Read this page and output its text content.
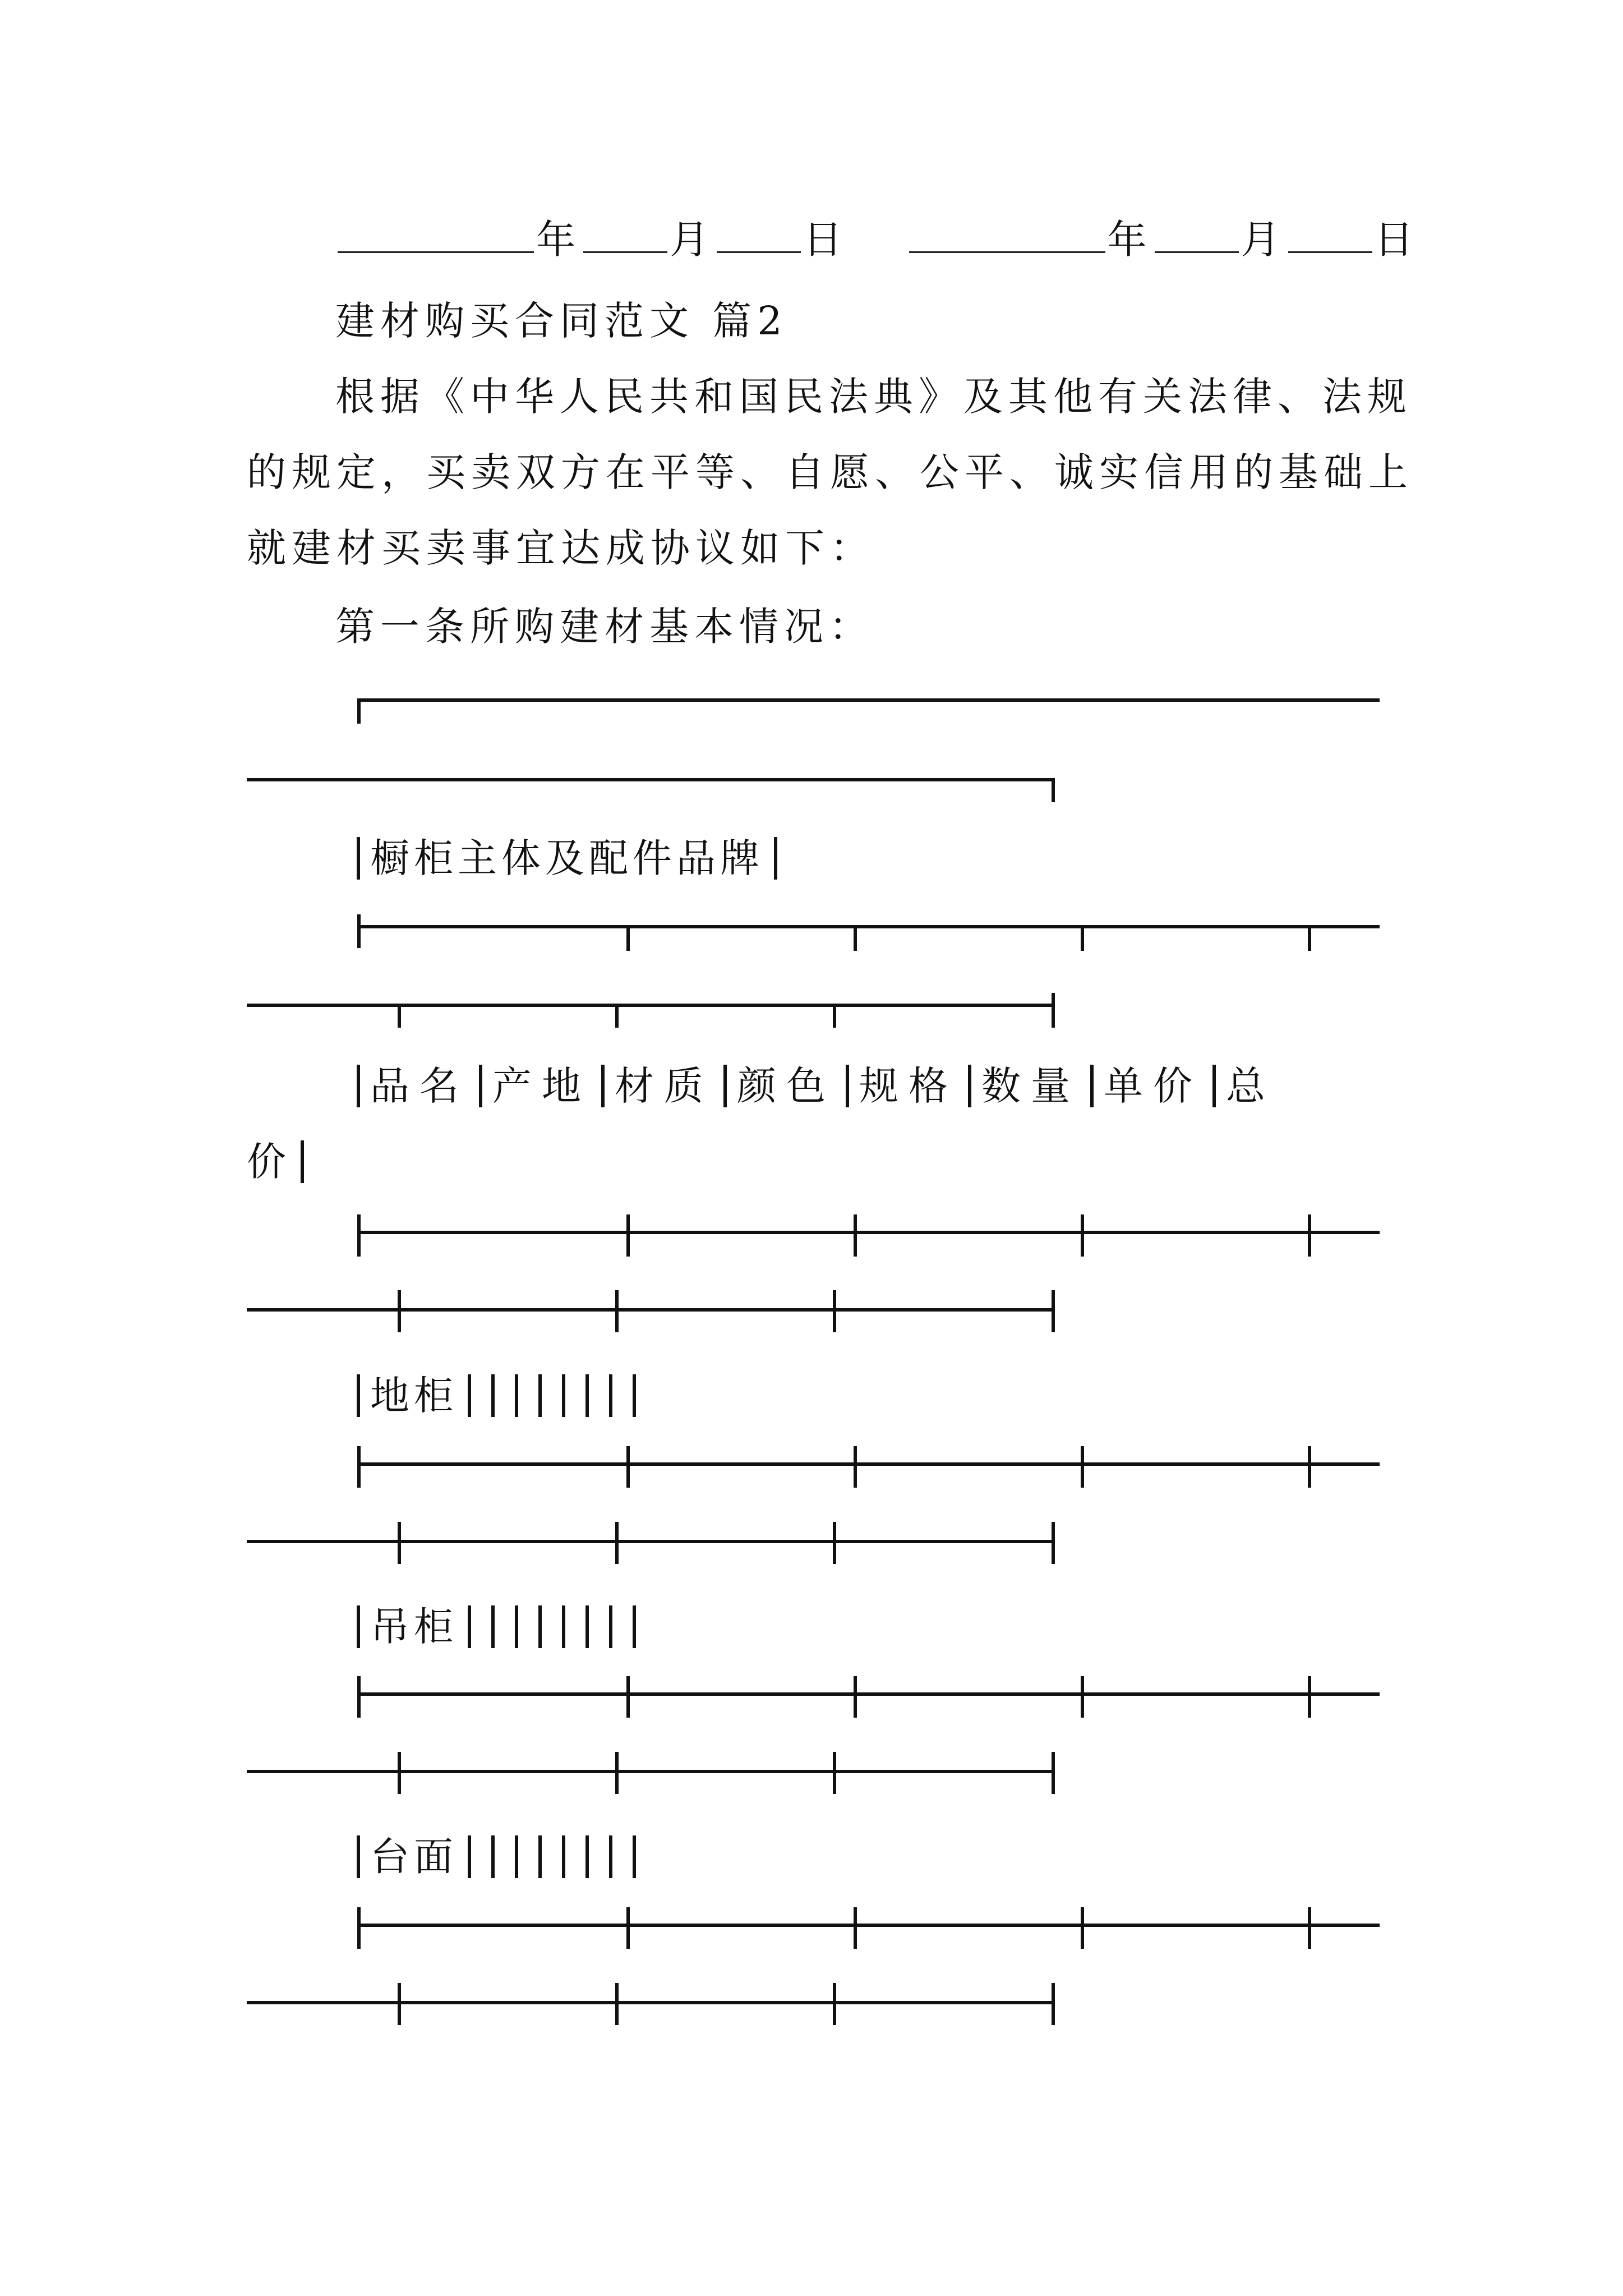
年 月 日	年 月 日
建材购买合同范文 篇2
根据《中华人民共和国民法典》及其他有关法律、法规
的规定，买卖双方在平等、自愿、公平、诚实信用的基础上
就建材买卖事宜达成协议如下：
第一条所购建材基本情况：
橱柜主体及配件品牌
品名 产地 材质 颜色 规格 数量 单价 总
价
地柜
吊柜
台面
